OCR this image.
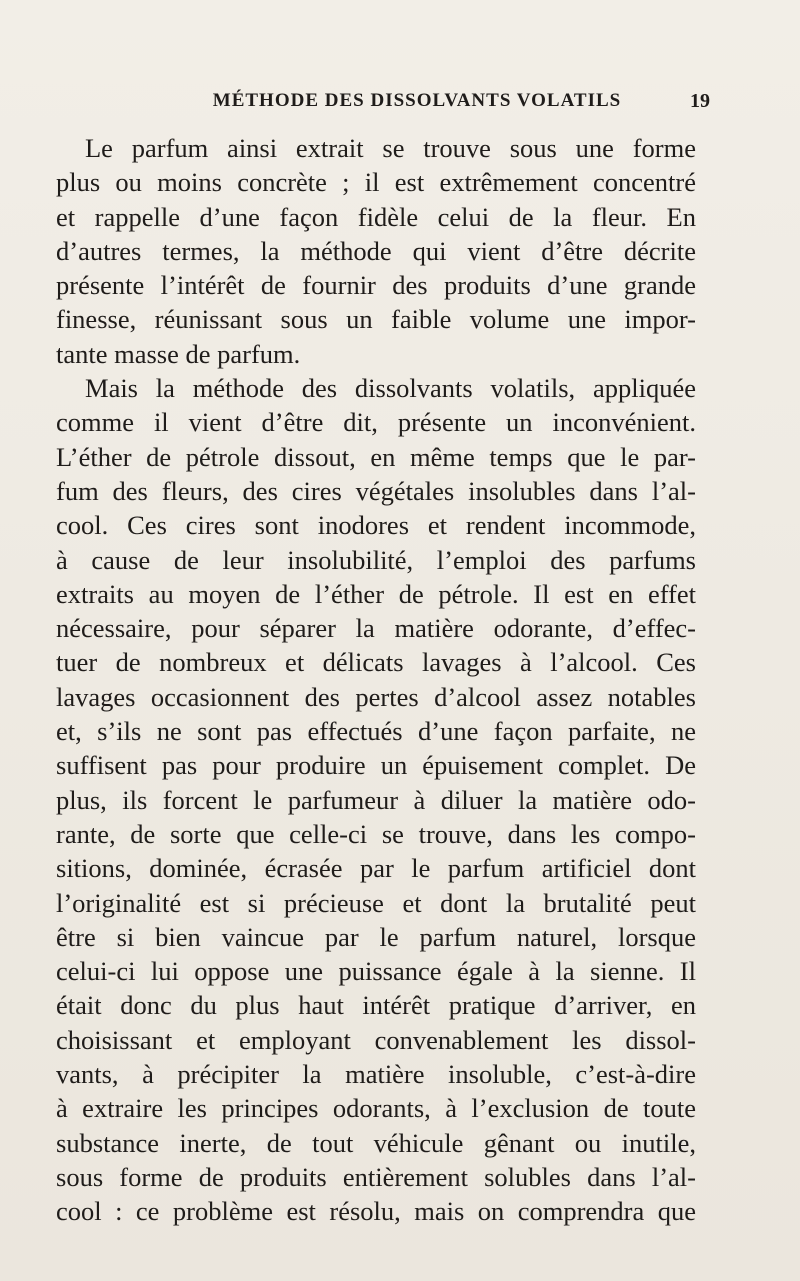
MÉTHODE DES DISSOLVANTS VOLATILS	19
Le parfum ainsi extrait se trouve sous une forme
plus ou moins concrète ; il est extrêmement concentré
et rappelle d’une façon fidèle celui de la fleur. En
d’autres termes, la méthode qui vient d’être décrite
présente l’intérêt de fournir des produits d’une grande
finesse, réunissant sous un faible volume une impor-
tante masse de parfum.
Mais la méthode des dissolvants volatils, appliquée
comme il vient d’être dit, présente un inconvénient.
L’éther de pétrole dissout, en même temps que le par-
fum des fleurs, des cires végétales insolubles dans l’al-
cool. Ces cires sont inodores et rendent incommode,
à cause de leur insolubilité, l’emploi des parfums
extraits au moyen de l’éther de pétrole. Il est en effet
nécessaire, pour séparer la matière odorante, d’effec-
tuer de nombreux et délicats lavages à l’alcool. Ces
lavages occasionnent des pertes d’alcool assez notables
et, s’ils ne sont pas effectués d’une façon parfaite, ne
suffisent pas pour produire un épuisement complet. De
plus, ils forcent le parfumeur à diluer la matière odo-
rante, de sorte que celle-ci se trouve, dans les compo-
sitions, dominée, écrasée par le parfum artificiel dont
l’originalité est si précieuse et dont la brutalité peut
être si bien vaincue par le parfum naturel, lorsque
celui-ci lui oppose une puissance égale à la sienne. Il
était donc du plus haut intérêt pratique d’arriver, en
choisissant et employant convenablement les dissol-
vants, à précipiter la matière insoluble, c’est-à-dire
à extraire les principes odorants, à l’exclusion de toute
substance inerte, de tout véhicule gênant ou inutile,
sous forme de produits entièrement solubles dans l’al-
cool : ce problème est résolu, mais on comprendra que
